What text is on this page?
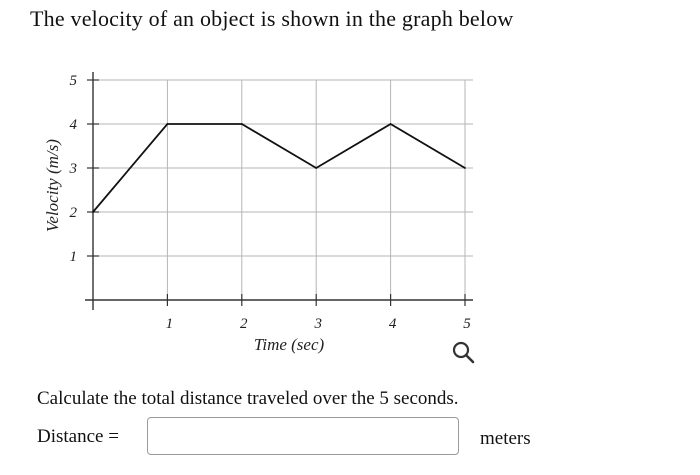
The velocity of an object is shown in the graph below
1	2	3	4	5
1
2
3
4
5
Time (sec)
Velocity (m/s)
Calculate the total distance traveled over the 5 seconds.
Distance =	meters
